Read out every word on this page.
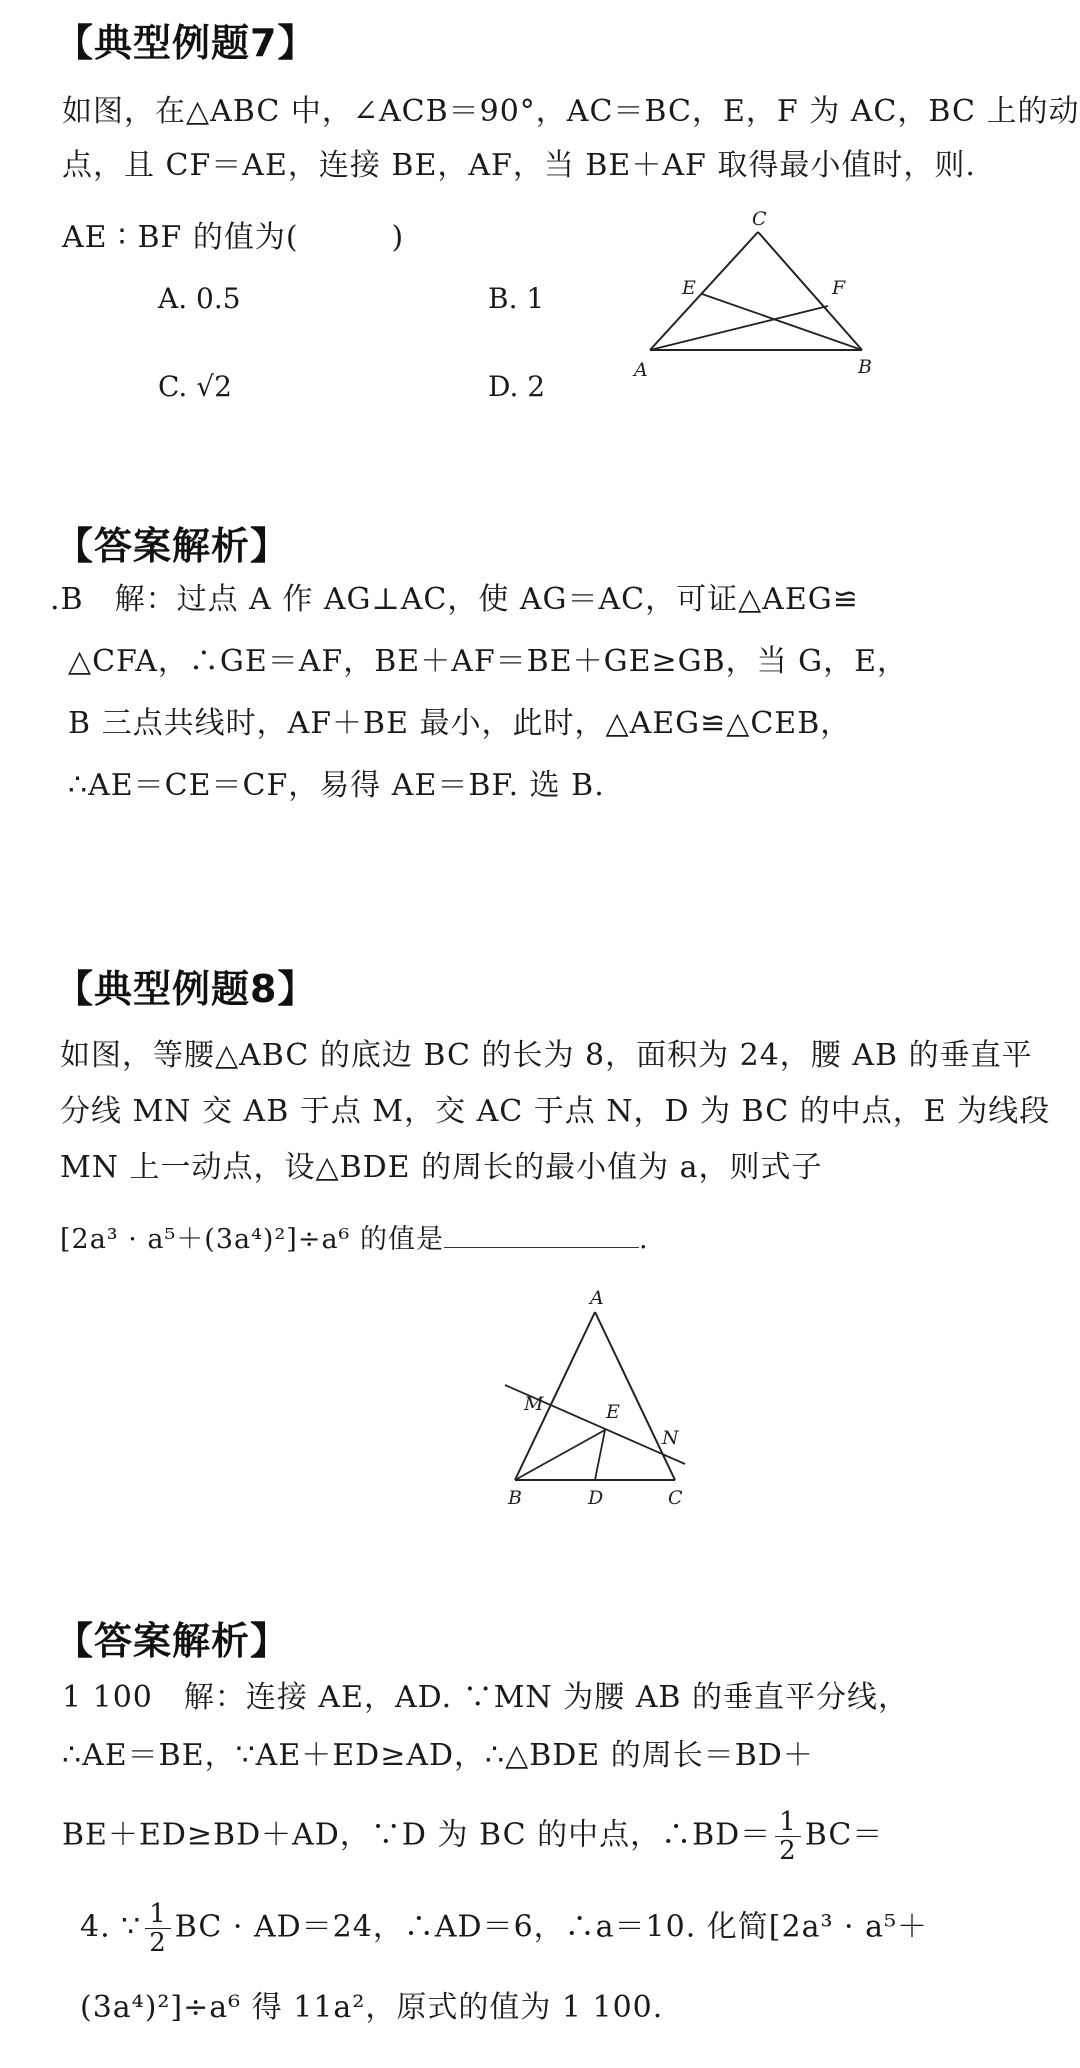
【典型例题7】
如图，在△ABC 中，∠ACB＝90°，AC＝BC，E，F 为 AC，BC 上的动
点，且 CF＝AE，连接 BE，AF，当 BE＋AF 取得最小值时，则.
AE ∶ BF 的值为(　　　)
A. 0.5	B. 1
C. √2	D. 2
C
E	F
A	B
【答案解析】
.B　解：过点 A 作 AG⊥AC，使 AG＝AC，可证△AEG≌
△CFA，∴GE＝AF，BE＋AF＝BE＋GE≥GB，当 G，E，
B 三点共线时，AF＋BE 最小，此时，△AEG≌△CEB，
∴AE＝CE＝CF，易得 AE＝BF. 选 B.
【典型例题8】
如图，等腰△ABC 的底边 BC 的长为 8，面积为 24，腰 AB 的垂直平
分线 MN 交 AB 于点 M，交 AC 于点 N，D 为 BC 的中点，E 为线段
MN 上一动点，设△BDE 的周长的最小值为 a，则式子
[2a³ · a⁵＋(3a⁴)²]÷a⁶ 的值是	.
A
M	E
N
B	D	C
【答案解析】
1 100　解：连接 AE，AD. ∵MN 为腰 AB 的垂直平分线，
∴AE＝BE，∵AE＋ED≥AD，∴△BDE 的周长＝BD＋
BE＋ED≥BD＋AD，∵D 为 BC 的中点，∴BD＝ $\frac{1}{2} BC=$
4. ∵ $\frac{1}{2}$ BC · AD＝24，∴AD＝6，∴a＝10. 化简[2a³ · a⁵＋
(3a⁴)²]÷a⁶ 得 11a²，原式的值为 1 100.
